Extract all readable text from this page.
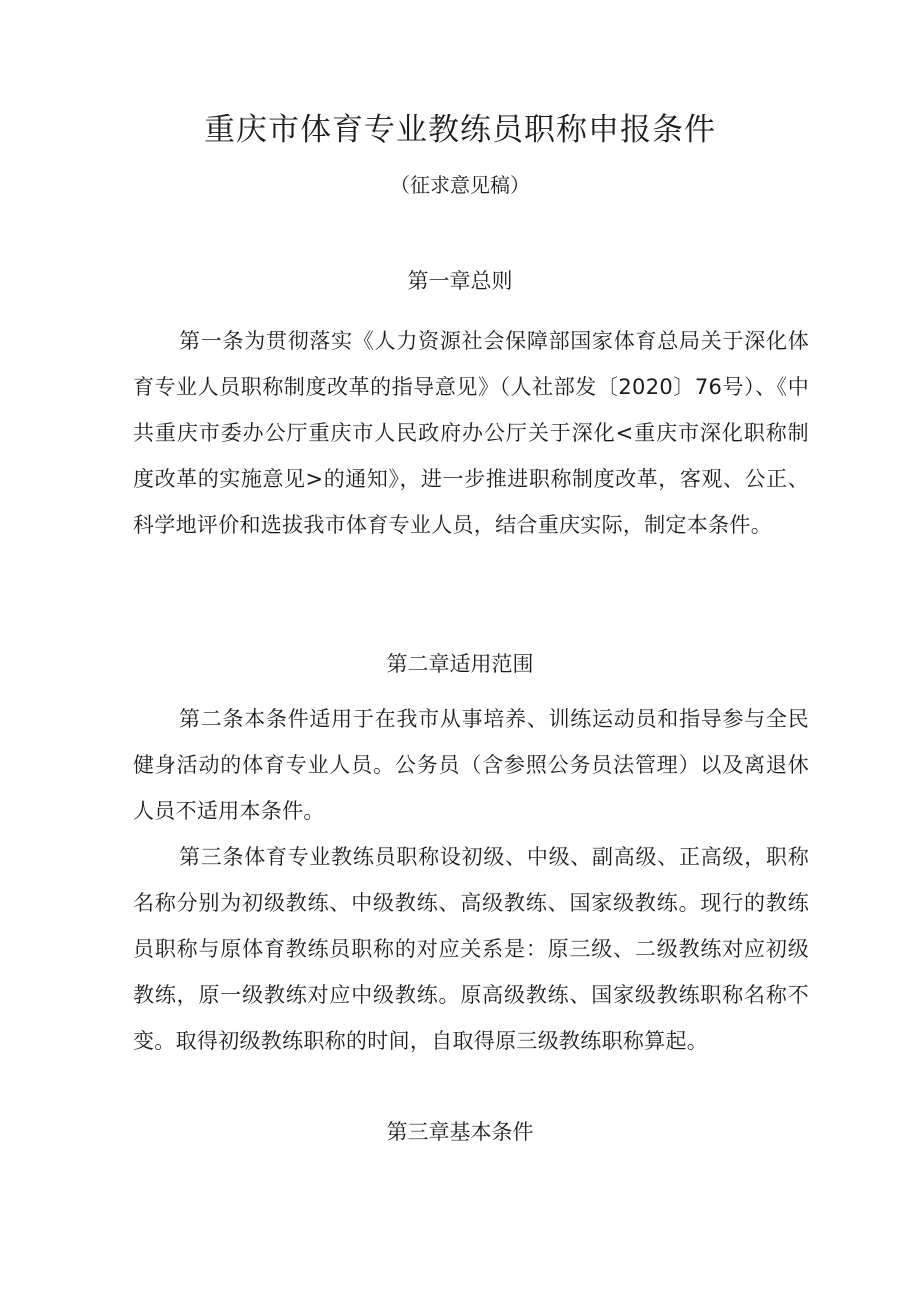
重庆市体育专业教练员职称申报条件
（征求意见稿）
第一章总则

第一条为贯彻落实《人力资源社会保障部国家体育总局关于深化体育专业人员职称制度改革的指导意见》（人社部发〔2020〕76号）、《中共重庆市委办公厅重庆市人民政府办公厅关于深化<重庆市深化职称制度改革的实施意见>的通知》，进一步推进职称制度改革，客观、公正、科学地评价和选拔我市体育专业人员，结合重庆实际，制定本条件。

第二章适用范围

第二条本条件适用于在我市从事培养、训练运动员和指导参与全民健身活动的体育专业人员。公务员（含参照公务员法管理）以及离退休人员不适用本条件。

第三条体育专业教练员职称设初级、中级、副高级、正高级，职称名称分别为初级教练、中级教练、高级教练、国家级教练。现行的教练员职称与原体育教练员职称的对应关系是：原三级、二级教练对应初级教练，原一级教练对应中级教练。原高级教练、国家级教练职称名称不变。取得初级教练职称的时间，自取得原三级教练职称算起。

第三章基本条件
